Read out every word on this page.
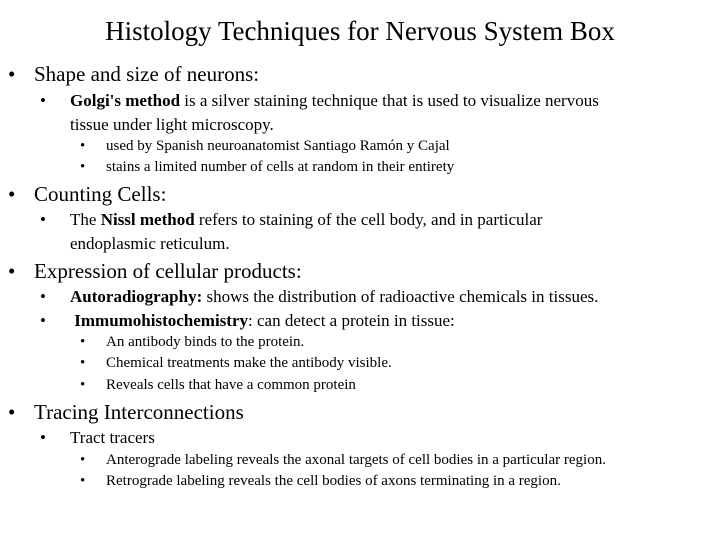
Histology Techniques for Nervous System Box
• Shape and size of neurons:
• Golgi's method is a silver staining technique that is used to visualize nervous
tissue under light microscopy.
• used by Spanish neuroanatomist Santiago Ramón y Cajal
• stains a limited number of cells at random in their entirety
• Counting Cells:
• The Nissl method refers to staining of the cell body, and in particular
endoplasmic reticulum.
• Expression of cellular products:
• Autoradiography: shows the distribution of radioactive chemicals in tissues.
• Immumohistochemistry: can detect a protein in tissue:
• An antibody binds to the protein.
• Chemical treatments make the antibody visible.
• Reveals cells that have a common protein
• Tracing Interconnections
• Tract tracers
• Anterograde labeling reveals the axonal targets of cell bodies in a particular region.
• Retrograde labeling reveals the cell bodies of axons terminating in a region.
